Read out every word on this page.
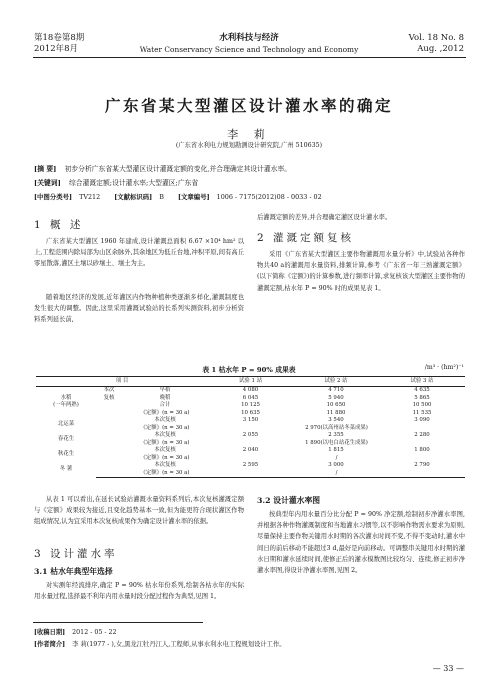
第18卷第8期
2012年8月
水利科技与经济
Water Conservancy Science and Technology and Economy
Vol. 18 No. 8
Aug. ,2012
广东省某大型灌区设计灌水率的确定
李 莉
(广东省水利电力规划勘测设计研究院,广州 510635)
[摘 要] 初步分析广东省某大型灌区设计灌溉定额的变化,并合理确定其设计灌水率。
[关键词] 综合灌溉定额;设计灌水率;大型灌区;广东省
[中图分类号] TV212 [文献标识码] B [文章编号] 1006 - 7175(2012)08 - 0033 - 02
1 概 述
广东省某大型灌区 1960 年建成,设计灌溉总面积 6.67 ×10⁴ hm² 以上,工程范围内除局部为山区余脉外,其余地区为低丘台地,冲积平原,间有高丘零星散落,灌区土壤以砂壤土、壤土为主。
随着地区经济的发展,近年灌区内作物种植种类逐渐多样化,灌溉制度也发生很大的调整。因此,这里采用灌溉试验站的长系列实测资料,初步分析资料系列延长前,
后灌溉定额的差异,并合理确定灌区设计灌水率。
2 灌溉定额复核
采用《广东省某大型灌区主要作物灌溉用水量分析》中,试验站各种作物共40 a的灌溉用水量资料,排频计算,参考《广东省一年三熟灌溉定额》(以下简称《定额》)的计算参数,进行频率计算,求复核该大型灌区主要作物的灌溉定额,枯水年 P = 90% 时的成果见表 1。
表 1 枯水年 P = 90% 成果表	/m³ · (hm²)⁻¹
项 目			试验 1 站	试验 2 站	试验 3 站
	本次	早稻	4 080	4 710	4 635
水稻	复核	晚稻	6 045	5 940	5 865
(一年两熟)		合计	10 125	10 650	10 500
		《定额》(n = 30 a)	10 635	11 880	11 535
北运菜		本次复核	3 150	3 540	3 090
		《定额》(n = 30 a)	2 970(以高州站冬菜成果)		
春花生		本次复核	2 055	2 355	2 280
		《定额》(n = 30 a)	1 890(以电白站花生成果)		
秋花生		本次复核	2 040	1 815	1 800
		《定额》(n = 30 a)	/		
冬 薯		本次复核	2 595	3 000	2 790
		《定额》(n = 30 a)	/		
从表 1 可以看出,在延长试验站灌溉水量资料系列后,本次复核灌溉定额与《定额》成果较为接近,且变化趋势基本一致,但为能更符合现状灌区作物组成情况,认为宜采用本次复核成果作为确定设计灌水率的依据。
3 设计灌水率
3.1 枯水年典型年选择
对实测年经流排序,确定 P = 90% 枯水年份系列,绘制各枯水年的实际用水量过程,选择最不利年内用水量时段分配过程作为典型,见图 1。
3.2 设计灌水率图
按典型年内用水量百分比分配 P = 90% 净定额,绘制初步净灌水率图,并根据各种作物灌溉制度和当地灌水习惯等,以不影响作物需水要求为原则,尽量保持主要作物关键用水时期的各次灌水时间不变,不得不变动时,灌水中间日的前后移动不能超过3 d,最好是向前移动。可调整串关键用水时期的灌水日期和灌水延续时间,使修正后的灌水模数图比较均匀、连续,修正初步净灌水率图,得设计净灌水率图,见图 2。
[收稿日期] 2012 - 05 - 22
[作者简介] 李 莉(1977 - ),女,黑龙江牡丹江人,工程师,从事水利水电工程规划设计工作。
— 33 —
